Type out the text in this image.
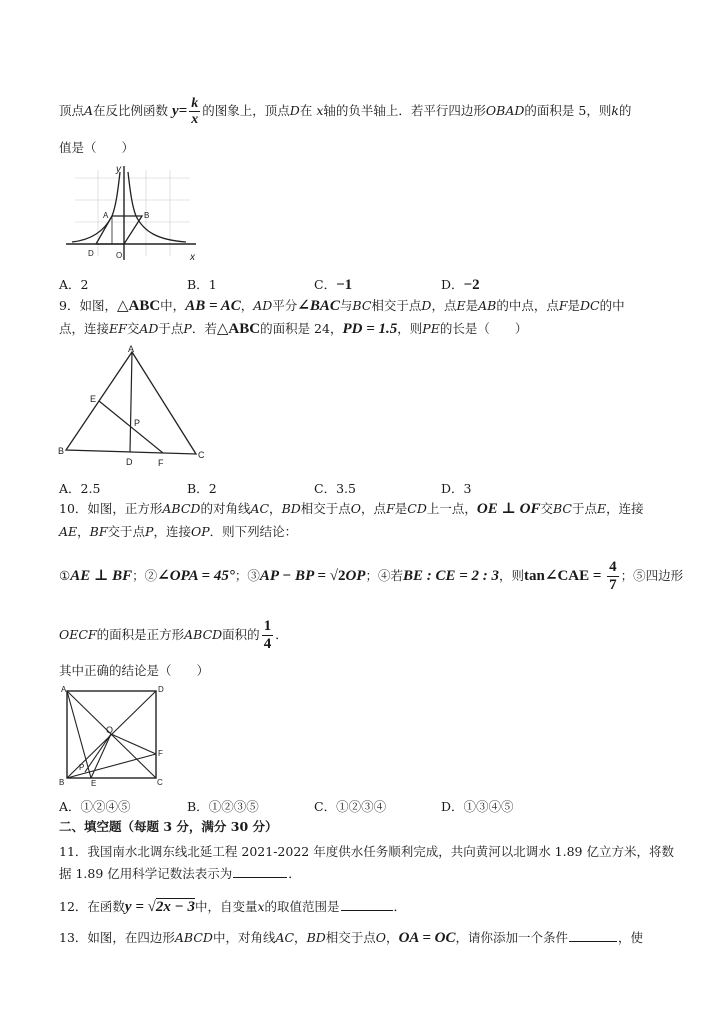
顶点A在反比例函数 $y= \frac{k}{x}$ 的图象上，顶点D在 x轴的负半轴上．若平行四边形OBAD的面积是 5，则k的
值是（　　）
y
x
A	B
D	O
A．2	B．1	C．−1	D．−2
9．如图，△ABC中，AB = AC，AD平分∠BAC与BC相交于点D，点E是AB的中点，点F是DC的中
点，连接EF交AD于点P．若△ABC的面积是 24，PD = 1.5，则PE的长是（　　）
A
B	C
D
E
F
P
A．2.5	B．2	C．3.5	D．3
10．如图，正方形ABCD的对角线AC，BD相交于点O，点F是CD上一点，OE ⊥ OF交BC于点E，连接
AE，BF交于点P，连接OP．则下列结论：
①AE ⊥ BF；②∠OPA = 45°；③AP − BP = √2OP；④若BE : CE = 2 : 3，则tan∠CAE = $\frac{4}{7}$ ；⑤四边形
OECF的面积是正方形ABCD面积的 $\frac{1}{4}$ ．
其中正确的结论是（　　）
A	D
B	C
O
F
P
E
A．①②④⑤	B．①②③⑤	C．①②③④	D．①③④⑤
二、填空题（每题 3 分，满分 30 分）
11．我国南水北调东线北延工程 2021-2022 年度供水任务顺利完成，共向黄河以北调水 1.89 亿立方米，将数
据 1.89 亿用科学记数法表示为	．
12．在函数y = √2x − 3中，自变量x的取值范围是	．
13．如图，在四边形ABCD中，对角线AC，BD相交于点O，OA = OC，请你添加一个条件	，使
